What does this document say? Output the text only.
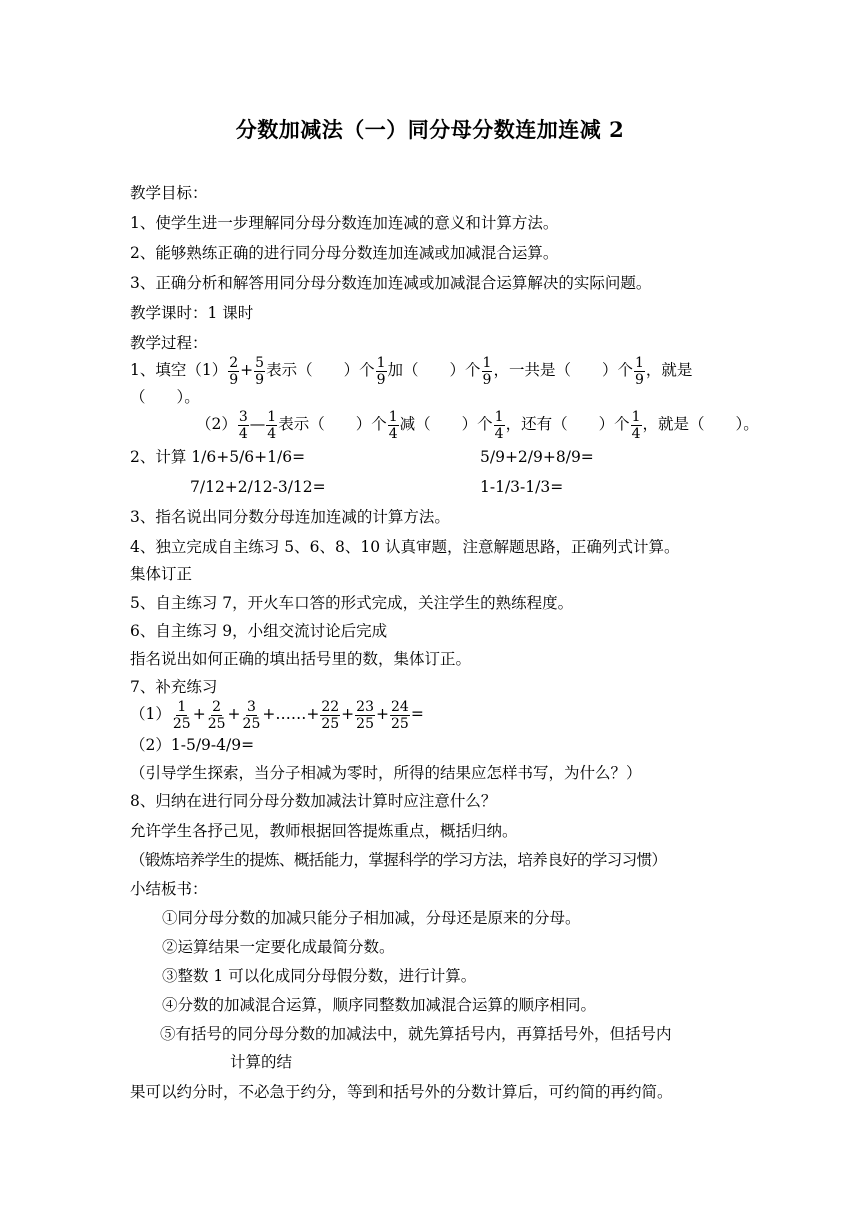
分数加减法（一）同分母分数连加连减 2
教学目标：
1、使学生进一步理解同分母分数连加连减的意义和计算方法。
2、能够熟练正确的进行同分母分数连加连减或加减混合运算。
3、正确分析和解答用同分母分数连加连减或加减混合运算解决的实际问题。
教学课时：1 课时
教学过程：
1、填空$(1) \frac{2}{9} + \frac{5}{9}$ 表示（　　）个 $\frac{1}{9}$ 加（　　）个 $\frac{1}{9}$ ，一共是（　　）个 $\frac{1}{9}$ ，就是
（　　）。
$(2) \frac{3}{4}$ — $\frac{1}{4}$ 表示（　　）个 $\frac{1}{4}$ 减（　　）个 $\frac{1}{4}$ ，还有（　　）个 $\frac{1}{4}$ ，就是（　　）。
2、计算 1/6+5/6+1/6=	5/9+2/9+8/9=
7/12+2/12-3/12=	1-1/3-1/3=
3、指名说出同分数分母连加连减的计算方法。
4、独立完成自主练习 5、6、8、10 认真审题，注意解题思路，正确列式计算。
集体订正
5、自主练习 7，开火车口答的形式完成，关注学生的熟练程度。
6、自主练习 9，小组交流讨论后完成
指名说出如何正确的填出括号里的数，集体订正。
7、补充练习
$(1) \frac{1}{25} + \frac{2}{25} + \frac{3}{25}$ +……+ $\frac{22}{25} + \frac{23}{25} + \frac{24}{25}$ =
（2）1-5/9-4/9=
（引导学生探索，当分子相减为零时，所得的结果应怎样书写，为什么？）
8、归纳在进行同分母分数加减法计算时应注意什么？
允许学生各抒己见，教师根据回答提炼重点，概括归纳。
（锻炼培养学生的提炼、概括能力，掌握科学的学习方法，培养良好的学习习惯）
小结板书：
①同分母分数的加减只能分子相加减，分母还是原来的分母。
②运算结果一定要化成最简分数。
③整数 1 可以化成同分母假分数，进行计算。
④分数的加减混合运算，顺序同整数加减混合运算的顺序相同。
⑤有括号的同分母分数的加减法中，就先算括号内，再算括号外，但括号内
计算的结
果可以约分时，不必急于约分，等到和括号外的分数计算后，可约简的再约简。
